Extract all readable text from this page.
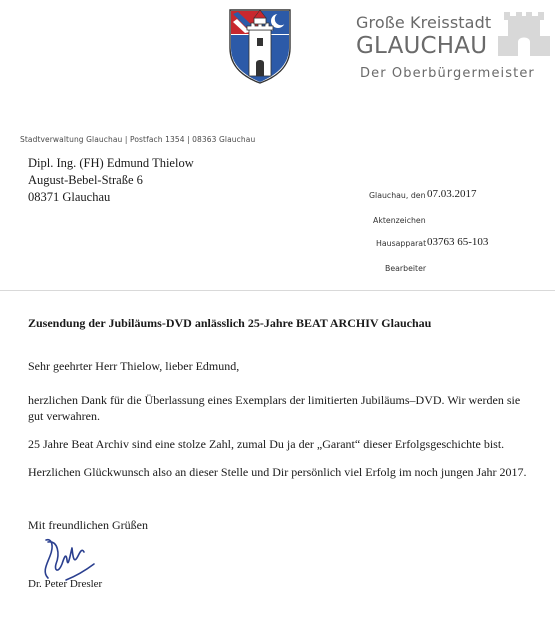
Große Kreisstadt
GLAUCHAU
Der Oberbürgermeister
Stadtverwaltung Glauchau | Postfach 1354 | 08363 Glauchau
Dipl. Ing. (FH) Edmund Thielow
August-Bebel-Straße 6
08371 Glauchau	Glauchau, den 07.03.2017
Aktenzeichen
Hausapparat 03763 65-103
Bearbeiter
Zusendung der Jubiläums-DVD anlässlich 25-Jahre BEAT ARCHIV Glauchau

Sehr geehrter Herr Thielow, lieber Edmund,

herzlichen Dank für die Überlassung eines Exemplars der limitierten Jubiläums–DVD. Wir werden sie gut verwahren.

25 Jahre Beat Archiv sind eine stolze Zahl, zumal Du ja der „Garant“ dieser Erfolgsgeschichte bist.

Herzlichen Glückwunsch also an dieser Stelle und Dir persönlich viel Erfolg im noch jungen Jahr 2017.

Mit freundlichen Grüßen
Dr. Peter Dresler
